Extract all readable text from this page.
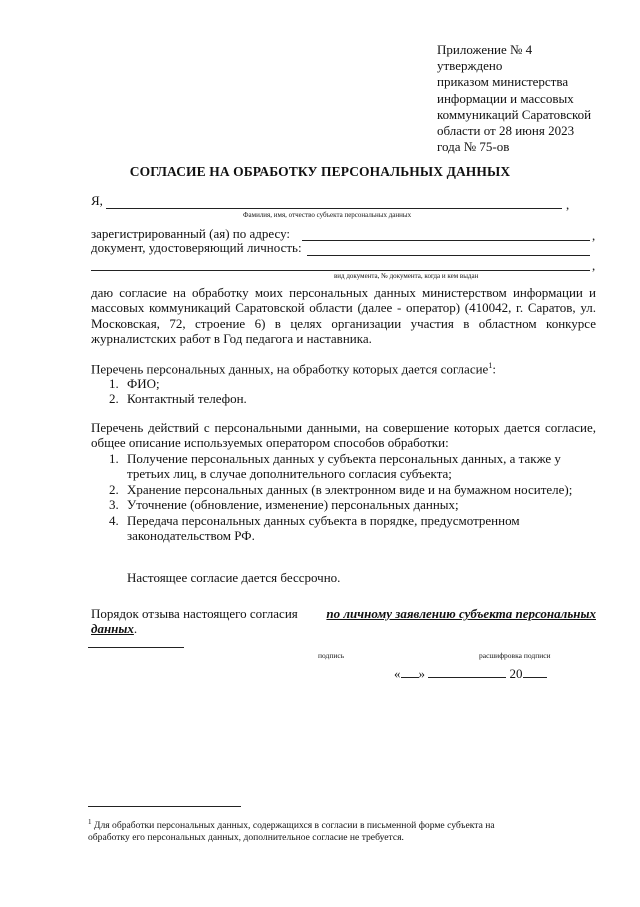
Приложение № 4
утверждено
приказом министерства
информации и массовых
коммуникаций Саратовской
области от 28 июня 2023
года № 75-ов
СОГЛАСИЕ НА ОБРАБОТКУ ПЕРСОНАЛЬНЫХ ДАННЫХ
Я,	,
Фамилия, имя, отчество субъекта персональных данных
зарегистрированный (ая) по адресу:	,
документ, удостоверяющий личность:
,
вид документа, № документа, когда и кем выдан
даю согласие на обработку моих персональных данных министерством информации и
массовых коммуникаций Саратовской области (далее - оператор) (410042, г. Саратов, ул.
Московская, 72, строение 6) в целях организации участия в областном конкурсе
журналистских работ в Год педагога и наставника.
Перечень персональных данных, на обработку которых дается согласие$^1$:
1. ФИО;
2. Контактный телефон.
Перечень действий с персональными данными, на совершение которых дается согласие,
общее описание используемых оператором способов обработки:
1. Получение персональных данных у субъекта персональных данных, а также у
третьих лиц, в случае дополнительного согласия субъекта;
2. Хранение персональных данных (в электронном виде и на бумажном носителе);
3. Уточнение (обновление, изменение) персональных данных;
4. Передача персональных данных субъекта в порядке, предусмотренном
законодательством РФ.
Настоящее согласие дается бессрочно.
Порядок отзыва настоящего согласия	по личному заявлению субъекта персональных
данных.
подпись	расшифровка подписи
« »	20
$^1$ Для обработки персональных данных, содержащихся в согласии в письменной форме субъекта на
обработку его персональных данных, дополнительное согласие не требуется.
